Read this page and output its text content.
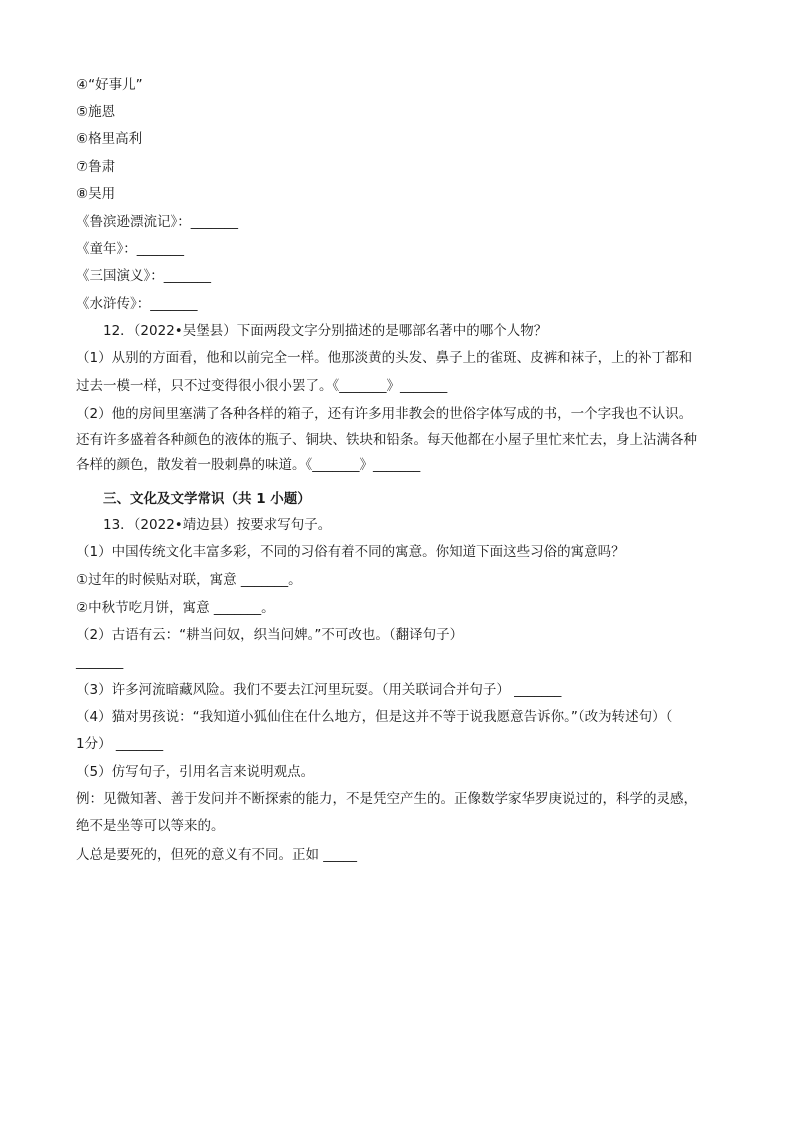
④“好事儿”
⑤施恩
⑥格里高利
⑦鲁肃
⑧吴用
《鲁滨逊漂流记》：_______
《童年》：_______
《三国演义》：_______
《水浒传》：_______
12．（2022•吴堡县）下面两段文字分别描述的是哪部名著中的哪个人物？
（1）从别的方面看，他和以前完全一样。他那淡黄的头发、鼻子上的雀斑、皮裤和袜子，上的补丁都和
过去一模一样，只不过变得很小很小罢了。《_______》_______
（2）他的房间里塞满了各种各样的箱子，还有许多用非教会的世俗字体写成的书，一个字我也不认识。
还有许多盛着各种颜色的液体的瓶子、铜块、铁块和铅条。每天他都在小屋子里忙来忙去，身上沾满各种
各样的颜色，散发着一股刺鼻的味道。《_______》_______
三、文化及文学常识（共 1 小题）
13．（2022•靖边县）按要求写句子。
（1）中国传统文化丰富多彩，不同的习俗有着不同的寓意。你知道下面这些习俗的寓意吗？
①过年的时候贴对联，寓意 _______。
②中秋节吃月饼，寓意 _______。
（2）古语有云：“耕当问奴，织当问婢。”不可改也。（翻译句子）
_______
（3）许多河流暗藏风险。我们不要去江河里玩耍。（用关联词合并句子） _______
（4）猫对男孩说：“我知道小狐仙住在什么地方，但是这并不等于说我愿意告诉你。”（改为转述句）（
1分） _______
（5）仿写句子，引用名言来说明观点。
例：见微知著、善于发问并不断探索的能力，不是凭空产生的。正像数学家华罗庚说过的，科学的灵感，
绝不是坐等可以等来的。
人总是要死的，但死的意义有不同。正如 _____
